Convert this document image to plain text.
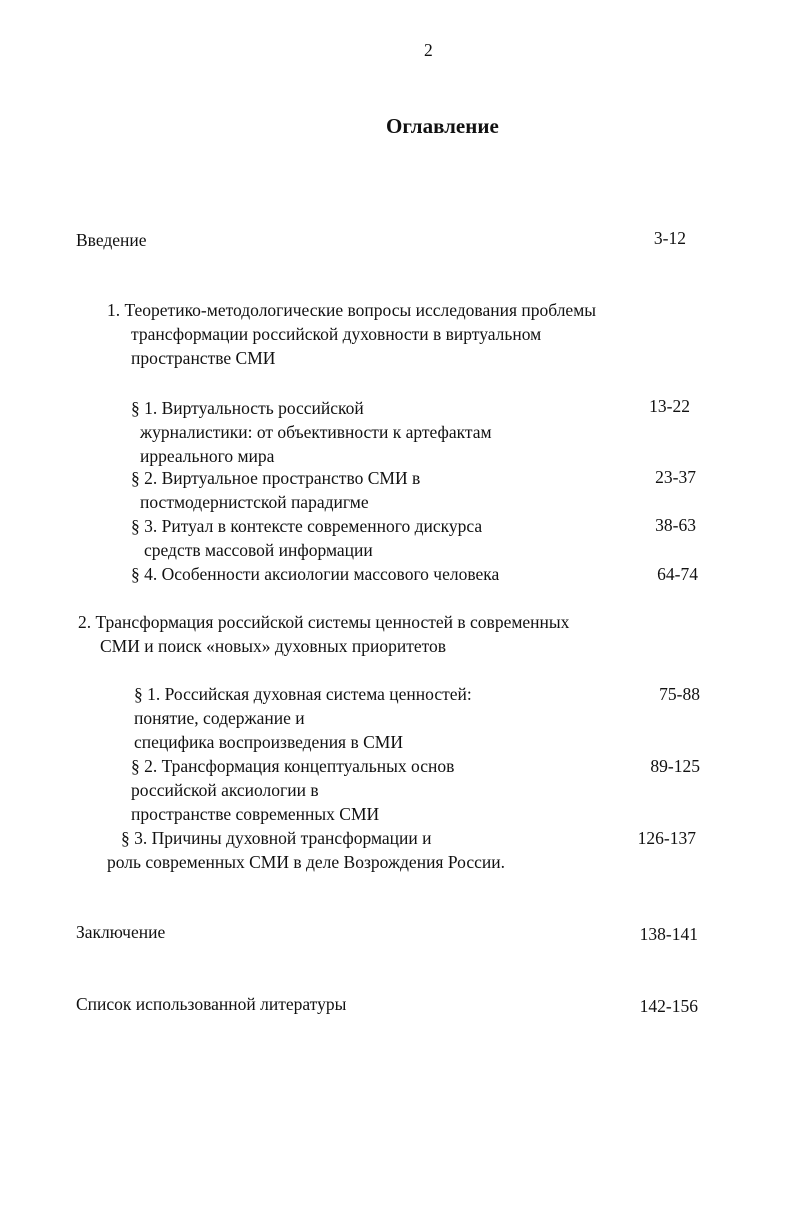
2
Оглавление
Введение	3-12
1. Теоретико-методологические вопросы исследования проблемы
трансформации российской духовности в виртуальном
пространстве СМИ
§ 1. Виртуальность российской
журналистики: от объективности к артефактам
ирреального мира
13-22
§ 2. Виртуальное пространство СМИ в
постмодернистской парадигме
23-37
§ 3. Ритуал в контексте современного дискурса
средств массовой информации
38-63
§ 4. Особенности аксиологии массового человека	64-74
2. Трансформация российской системы ценностей в современных
СМИ и поиск «новых» духовных приоритетов
§ 1. Российская духовная система ценностей:
понятие, содержание и
специфика воспроизведения в СМИ
75-88
§ 2. Трансформация концептуальных основ
российской аксиологии в
пространстве современных СМИ
89-125
§ 3. Причины духовной трансформации и
роль современных СМИ в деле Возрождения России.
126-137
Заключение	138-141
Список использованной литературы	142-156
